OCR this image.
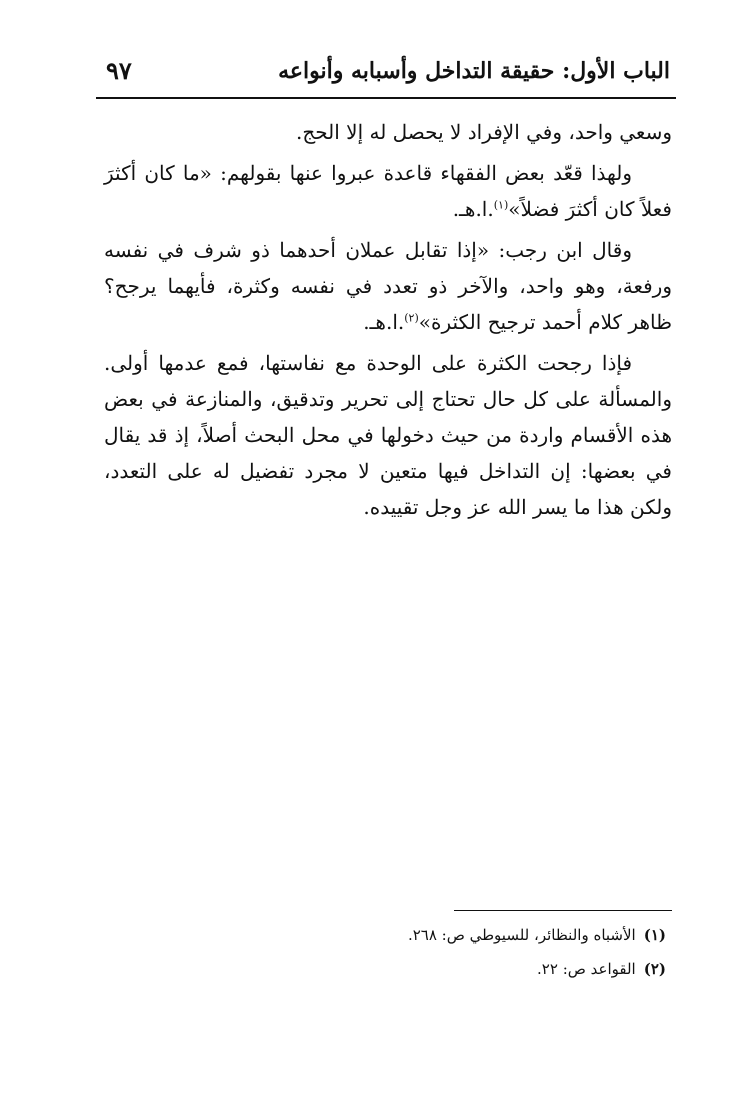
الباب الأول: حقيقة التداخل وأسبابه وأنواعه
٩٧

وسعي واحد، وفي الإفراد لا يحصل له إلا الحج.

ولهذا قعّد بعض الفقهاء قاعدة عبروا عنها بقولهم: «ما كان أكثرَ فعلاً كان أكثرَ فضلاً»$^{(١)}$.ا.هـ.

وقال ابن رجب: «إذا تقابل عملان أحدهما ذو شرف في نفسه ورفعة، وهو واحد، والآخر ذو تعدد في نفسه وكثرة، فأيهما يرجح؟ ظاهر كلام أحمد ترجيح الكثرة»$^{(٢)}$.ا.هـ.

فإذا رجحت الكثرة على الوحدة مع نفاستها، فمع عدمها أولى. والمسألة على كل حال تحتاج إلى تحرير وتدقيق، والمنازعة في بعض هذه الأقسام واردة من حيث دخولها في محل البحث أصلاً، إذ قد يقال في بعضها: إن التداخل فيها متعين لا مجرد تفضيل له على التعدد، ولكن هذا ما يسر الله عز وجل تقييده.

(١)الأشباه والنظائر، للسيوطي ص: ٢٦٨.
(٢)القواعد ص: ٢٢.
